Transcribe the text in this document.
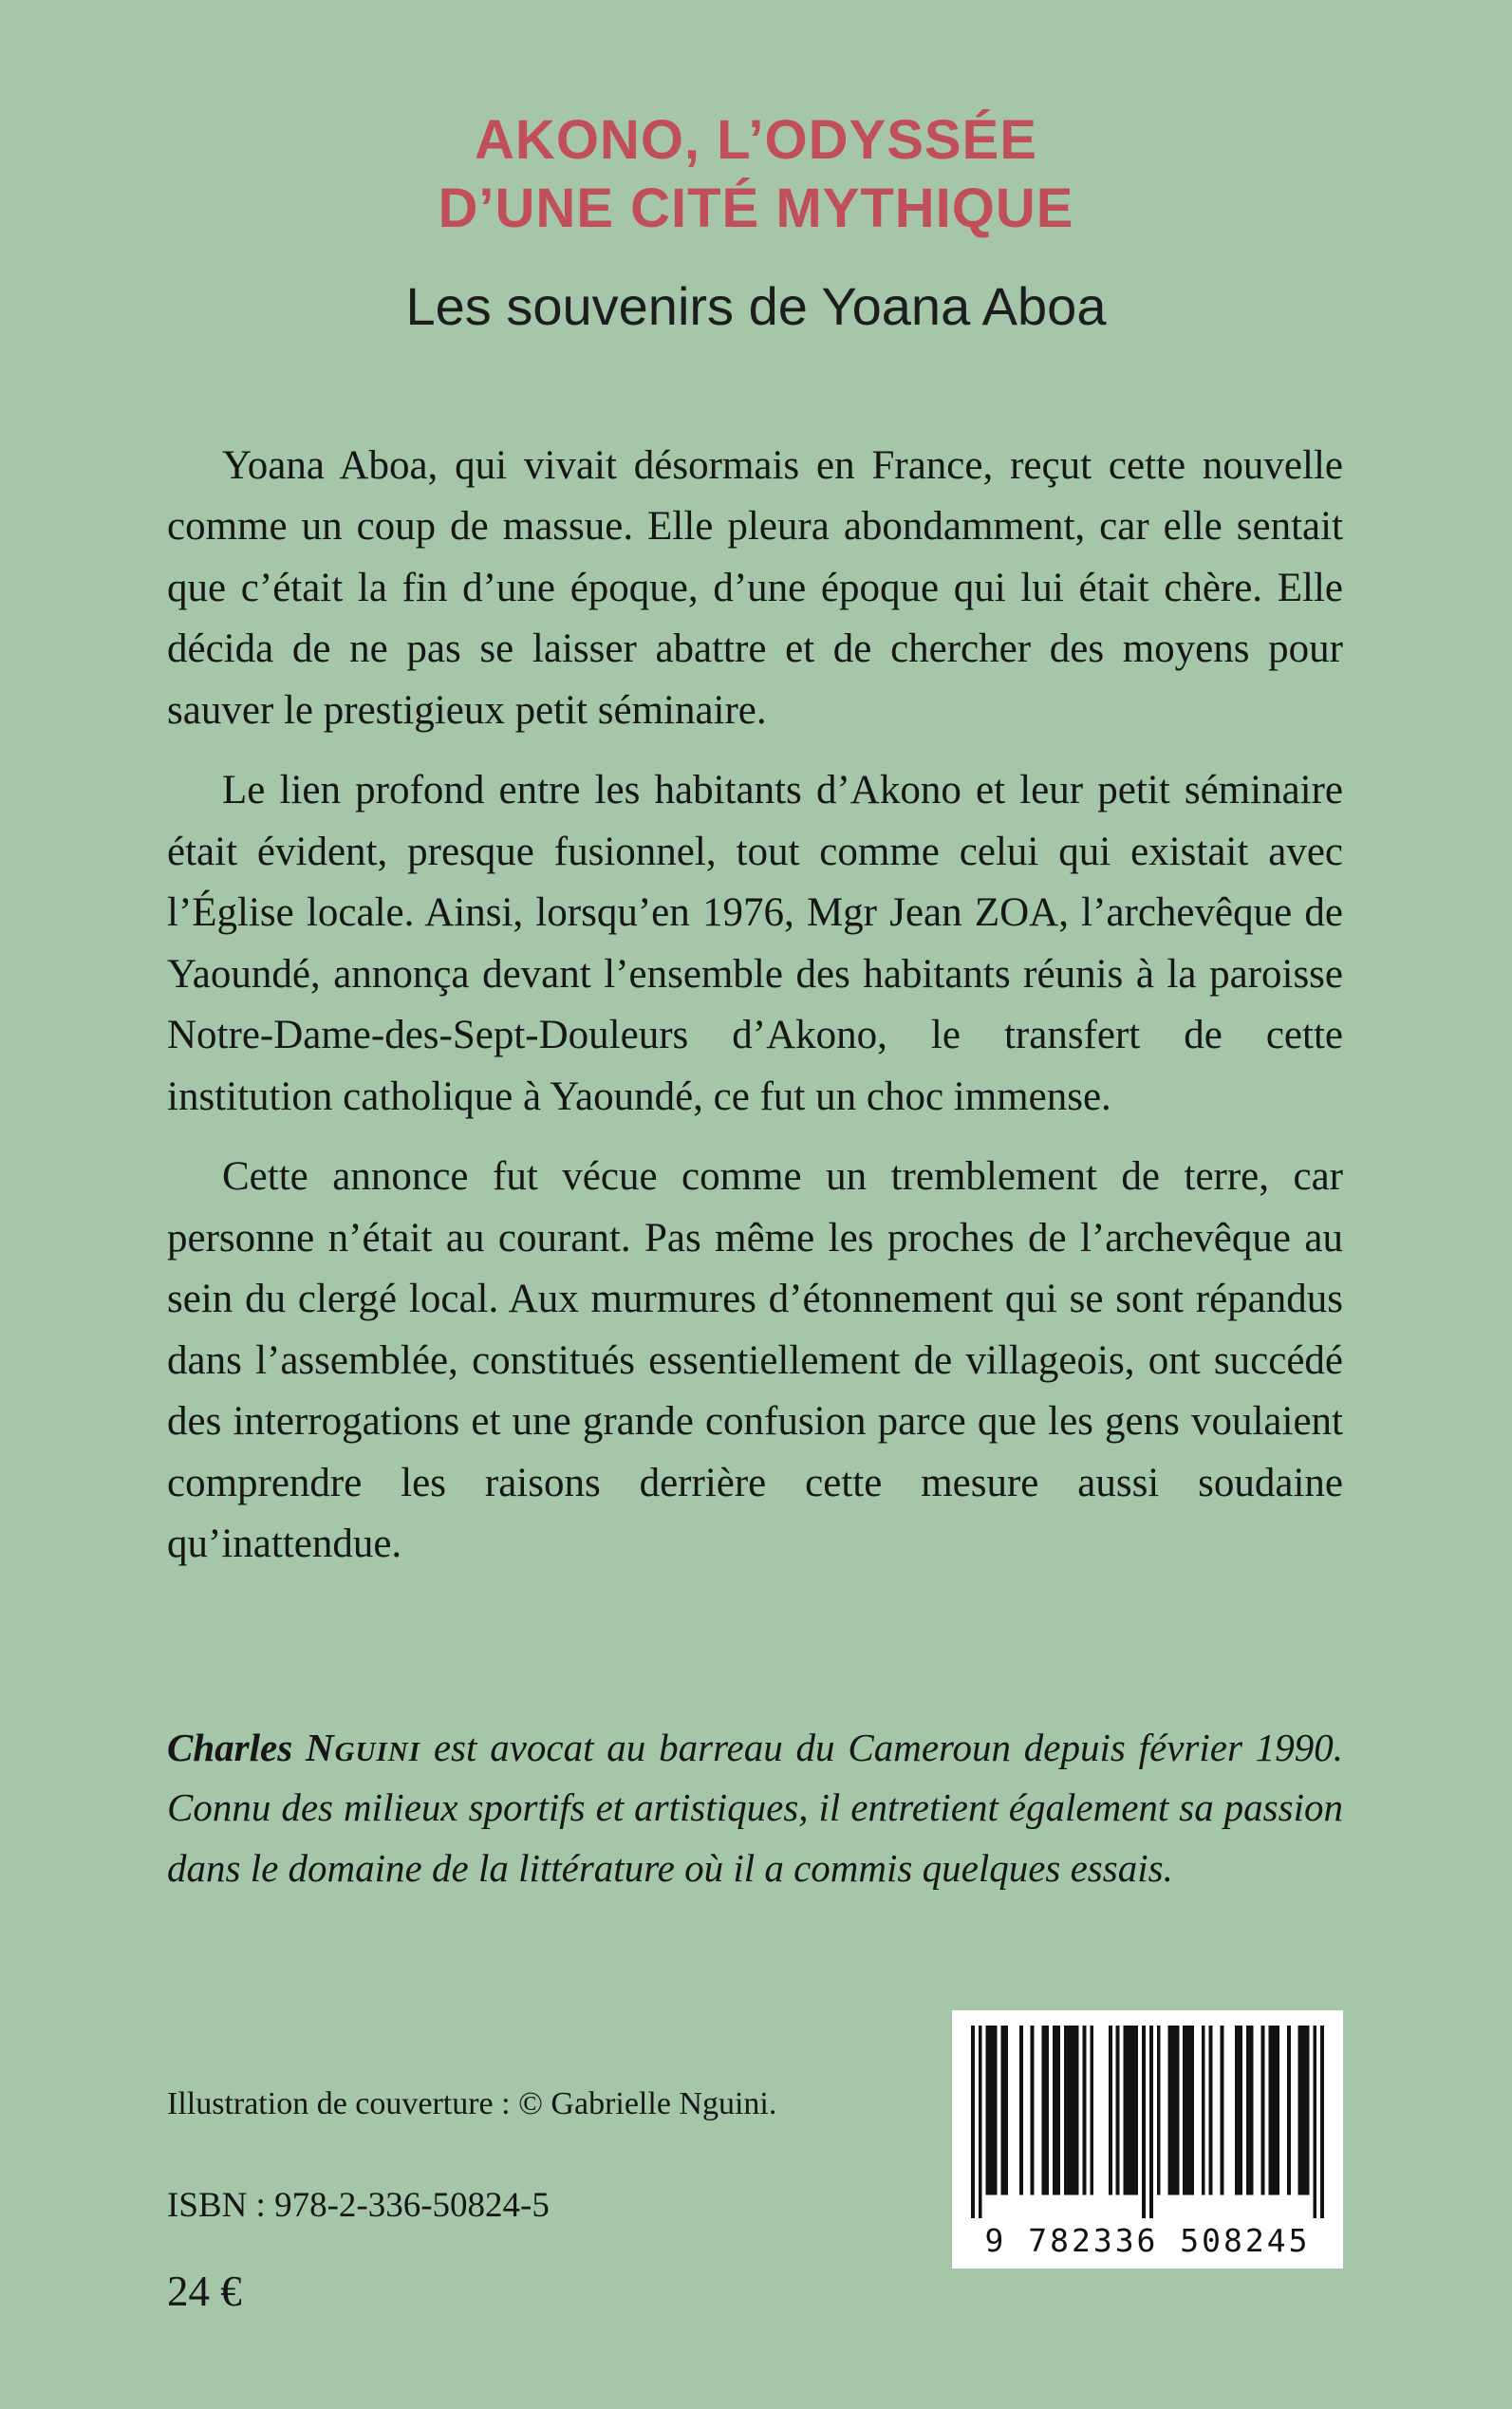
AKONO, L’ODYSSÉE
D’UNE CITÉ MYTHIQUE
Les souvenirs de Yoana Aboa

Yoana Aboa, qui vivait désormais en France, reçut cette nouvelle comme un coup de massue. Elle pleura abondamment, car elle sentait que c’était la fin d’une époque, d’une époque qui lui était chère. Elle décida de ne pas se laisser abattre et de chercher des moyens pour sauver le prestigieux petit séminaire.

Le lien profond entre les habitants d’Akono et leur petit séminaire était évident, presque fusionnel, tout comme celui qui existait avec l’Église locale. Ainsi, lorsqu’en 1976, Mgr Jean ZOA, l’archevêque de Yaoundé, annonça devant l’ensemble des habitants réunis à la paroisse Notre-Dame-des-Sept-Douleurs d’Akono, le transfert de cette institution catholique à Yaoundé, ce fut un choc immense.

Cette annonce fut vécue comme un tremblement de terre, car personne n’était au courant. Pas même les proches de l’archevêque au sein du clergé local. Aux murmures d’étonnement qui se sont répandus dans l’assemblée, constitués essentiellement de villageois, ont succédé des interrogations et une grande confusion parce que les gens voulaient comprendre les raisons derrière cette mesure aussi soudaine qu’inattendue.

Charles Nguini est avocat au barreau du Cameroun depuis février 1990. Connu des milieux sportifs et artistiques, il entretient également sa passion dans le domaine de la littérature où il a commis quelques essais.
Illustration de couverture : © Gabrielle Nguini.
ISBN : 978-2-336-50824-5
24 €
9 782336 508245
